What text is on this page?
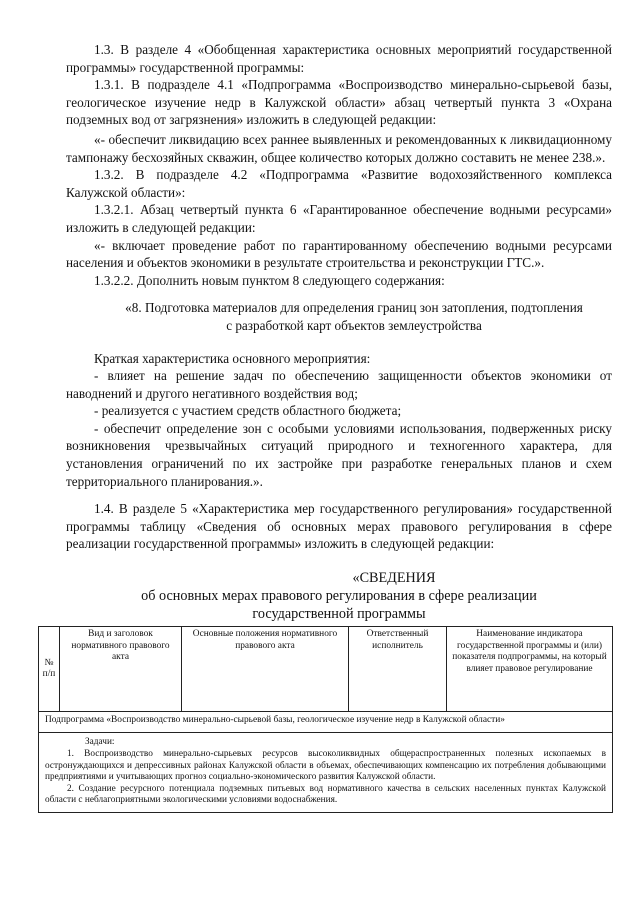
1.3. В разделе 4 «Обобщенная характеристика основных мероприятий государственной программы» государственной программы:

1.3.1. В подразделе 4.1 «Подпрограмма «Воспроизводство минерально-сырьевой базы, геологическое изучение недр в Калужской области» абзац четвертый пункта 3 «Охрана подземных вод от загрязнения» изложить в следующей редакции:

«- обеспечит ликвидацию всех раннее выявленных и рекомендованных к ликвидационному тампонажу бесхозяйных скважин, общее количество которых должно составить не менее 238.».

1.3.2. В подразделе 4.2 «Подпрограмма «Развитие водохозяйственного комплекса Калужской области»:

1.3.2.1. Абзац четвертый пункта 6 «Гарантированное обеспечение водными ресурсами» изложить в следующей редакции:

«- включает проведение работ по гарантированному обеспечению водными ресурсами населения и объектов экономики в результате строительства и реконструкции ГТС.».

1.3.2.2. Дополнить новым пунктом 8 следующего содержания:

«8. Подготовка материалов для определения границ зон затопления, подтопления
с разработкой карт объектов землеустройства

Краткая характеристика основного мероприятия:

- влияет на решение задач по обеспечению защищенности объектов экономики от наводнений и другого негативного воздействия вод;

- реализуется с участием средств областного бюджета;

- обеспечит определение зон с особыми условиями использования, подверженных риску возникновения чрезвычайных ситуаций природного и техногенного характера, для установления ограничений по их застройке при разработке генеральных планов и схем территориального планирования.».

1.4. В разделе 5 «Характеристика мер государственного регулирования» государственной программы таблицу «Сведения об основных мерах правового регулирования в сфере реализации государственной программы» изложить в следующей редакции:

«СВЕДЕНИЯ
об основных мерах правового регулирования в сфере реализации
государственной программы
№ п/п	Вид и заголовок нормативного правового акта	Основные положения нормативного правового акта	Ответственный исполнитель	Наименование индикатора государственной программы и (или) показателя подпрограммы, на который влияет правовое регулирование
Подпрограмма «Воспроизводство минерально-сырьевой базы, геологическое изучение недр в Калужской области»

Задачи:

1. Воспроизводство минерально-сырьевых ресурсов высоколиквидных общераспространенных полезных ископаемых в остронуждающихся и депрессивных районах Калужской области в объемах, обеспечивающих компенсацию их потребления добывающими предприятиями и учитывающих прогноз социально-экономического развития Калужской области.

2. Создание ресурсного потенциала подземных питьевых вод нормативного качества в сельских населенных пунктах Калужской области с неблагоприятными экологическими условиями водоснабжения.
